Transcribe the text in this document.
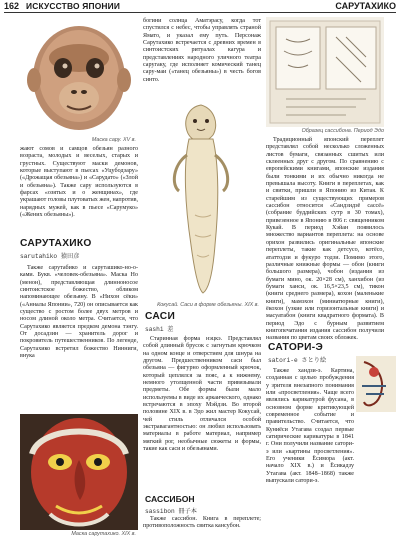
162 ИСКУССТВО ЯПОНИИ	САРУТАХИКО
Маска сару. XV в.
Образец сассибона. Период Эдо
Кокусай. Саси в форме обезьяны. XIX в.
Маска сарутахико. XIX в.

жают сомов и самцов обезьян разного возраста, молодых и веселых, старых и грустных. Существуют маски демонов, которые выступают в пьесах «Уцубодзару» («Дрожащая обезьяна») и «Сарудато» («Злой и обезьяна»). Также сару используются в фарсах «озятых и о женщинах», где украшают головы плутоватых жен, напротив, нарядных мужей, как в пьесе «Сарумуко» («Жених обезьяны»).

САРУТАХИКО
sarutahiko 猿田彦

Также сарутабико и саруташико-но-о-ками. Букв. «человек-обезьяна». Маска Но (менон), представляющая длинноносое синтоистское божество, обликом напоминающее обезьяну. В «Нихон сёки» («Анналы Японии», 720) он описывается как существо с ростом более двух метров и носом длиной около метра. Считается, что Сарутахико является предком демона тэнгу. От досадзин — хранитель дорог и покровитель путешественников. По легенде, Сарутахико встретил божество Нинниги, внука

богини солнца Аматэрасу, когда тот спустился с небес, чтобы управлять страной Ямато, и указал ему путь. Персонаж Сарутахико встречается с древних времен в синтоистских ритуалах кагура и представлениях народного уличного театра саругаку, где исполняет комический танец сару-маи («танец обезьяны») в честь богов синто.

САСИ
sashi 差

Старинная форма нэцкэ. Представлял собой длинный брусок с загнутым крючком на одном конце и отверстием для шнура на другом. Предшественником саси был обезьяна — фигурно оформленный крючок, который цеплялся за пояс, а к нижнему, немного утолщенной части привязывали предметы. Обе формы были мало используемы в виде их аркаического, однако встречаются в эпоху Мэйдзи. Во второй половине XIX в. в Эдо жил мастер Кокусай, чей стиль отличался особой экстравагантностью: он любил использовать материалы в работе материал, например мягкий рог, необычные сюжеты и формы, такие как саси и обезьянами.

САССИБОН
sassibon 冊子本

Также сассибон. Книга в переплете; противоположность свитка кансубон.

Традиционный японский переплет представлял собой несколько сложенных листов бумаги, связанных сшитых или склеенных друг с другом. По сравнению с европейскими книгами, японские издания были тонкими и их обычно никогда не превышала высоту. Книги в переплетах, как и свитки, пришли в Японию из Китая. К старейшим из существующих примеров сассибон относится «Сандзидзё сассё» (собрание буддийских сутр в 30 томах), привезенное в Японию в 806 г. священником Кукай. В период Хэйан появилось множество вариантов переплета: на основе орихон развились оригинальные японские переплеты, такие как детсусо, котёсо, ататтодзи и фукуро тодзи. Помимо этого, различные книжные формы — обон (книги большого размера), чобон (издания из бумаги мино, ок. 20×28 см), ханхибон (из бумаги ханси, ок. 16,5×23,5 см), тикон (книги среднего размера), кохон (маленькие книги), мамэхон (миниатюрные книги), ёкохон (узкие или горизонтальные книги) и масуатабон (книги квадратного формата). В период Эдо с бурным развитием книгопечатания издания сассибон получили названия по цветам своих обложек.

САТОРИ-Э
satori-e さとり絵

Также хандзи-э. Картина, созданная с целью пробуждения у зрителя внезапного понимания или «просветления». Чаще всего являлись карикатурой фусана, в основном форме критикующей современное событие и правительство. Считается, что Куниёси Утагава создал первые сатирические карикатуры в 1841 г. Они получили название сатори-э или «картины просветления». Его ученики Ёсимора (акт. начало XIX в.) и Ёсикадзу Утагава (акт. 1848–1868) также выпускали сатори-э.
